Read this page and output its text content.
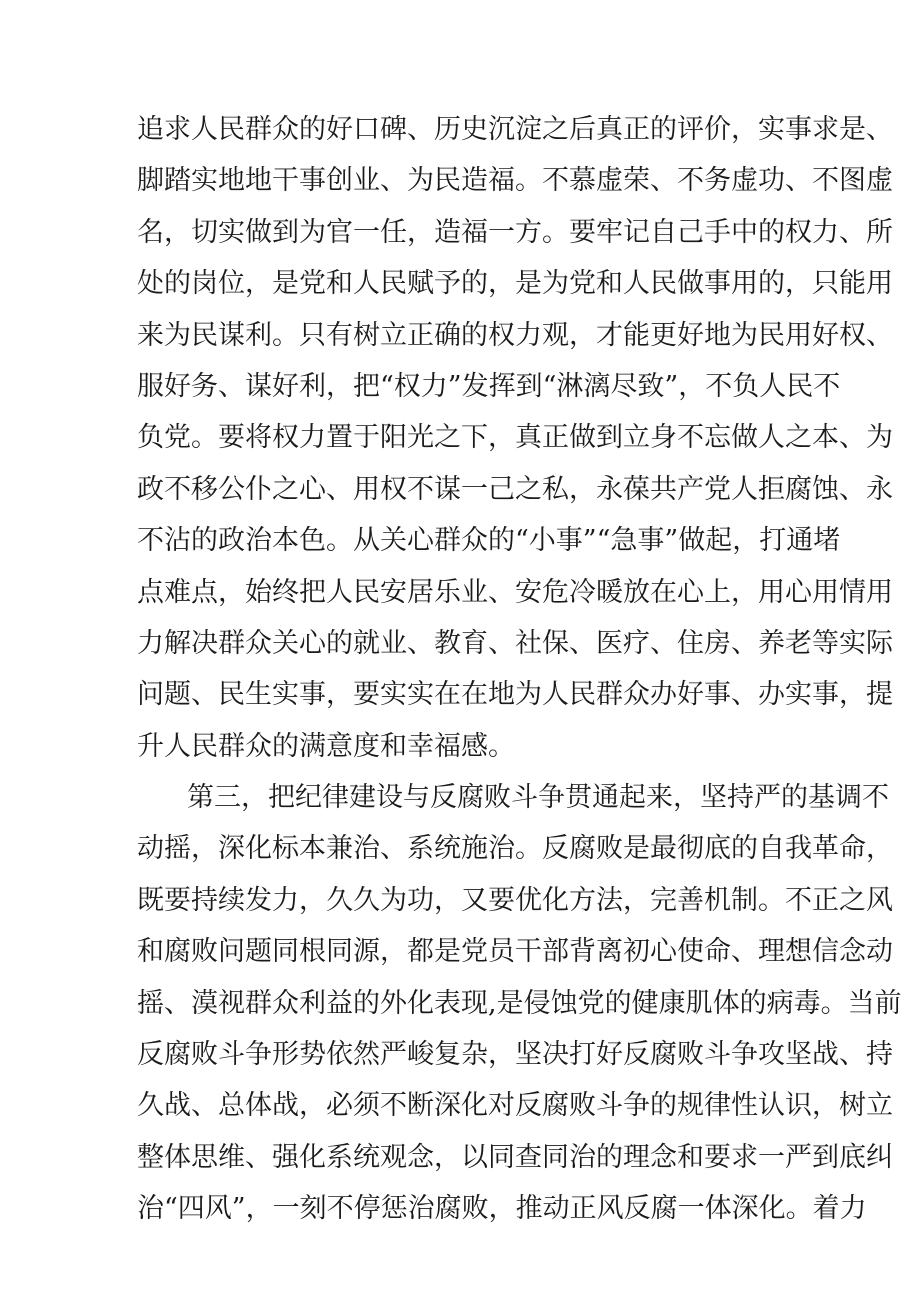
追求人民群众的好口碑、历史沉淀之后真正的评价，实事求是、
脚踏实地地干事创业、为民造福。不慕虚荣、不务虚功、不图虚
名，切实做到为官一任，造福一方。要牢记自己手中的权力、所
处的岗位，是党和人民赋予的，是为党和人民做事用的，只能用
来为民谋利。只有树立正确的权力观，才能更好地为民用好权、
服好务、谋好利，把“权力”发挥到“淋漓尽致”，不负人民不
负党。要将权力置于阳光之下，真正做到立身不忘做人之本、为
政不移公仆之心、用权不谋一己之私，永葆共产党人拒腐蚀、永
不沾的政治本色。从关心群众的“小事”“急事”做起，打通堵
点难点，始终把人民安居乐业、安危冷暖放在心上，用心用情用
力解决群众关心的就业、教育、社保、医疗、住房、养老等实际
问题、民生实事，要实实在在地为人民群众办好事、办实事，提
升人民群众的满意度和幸福感。
第三，把纪律建设与反腐败斗争贯通起来，坚持严的基调不
动摇，深化标本兼治、系统施治。反腐败是最彻底的自我革命，
既要持续发力，久久为功，又要优化方法，完善机制。不正之风
和腐败问题同根同源，都是党员干部背离初心使命、理想信念动
摇、漠视群众利益的外化表现,是侵蚀党的健康肌体的病毒。当前
反腐败斗争形势依然严峻复杂，坚决打好反腐败斗争攻坚战、持
久战、总体战，必须不断深化对反腐败斗争的规律性认识，树立
整体思维、强化系统观念，以同查同治的理念和要求一严到底纠
治“四风”，一刻不停惩治腐败，推动正风反腐一体深化。着力
